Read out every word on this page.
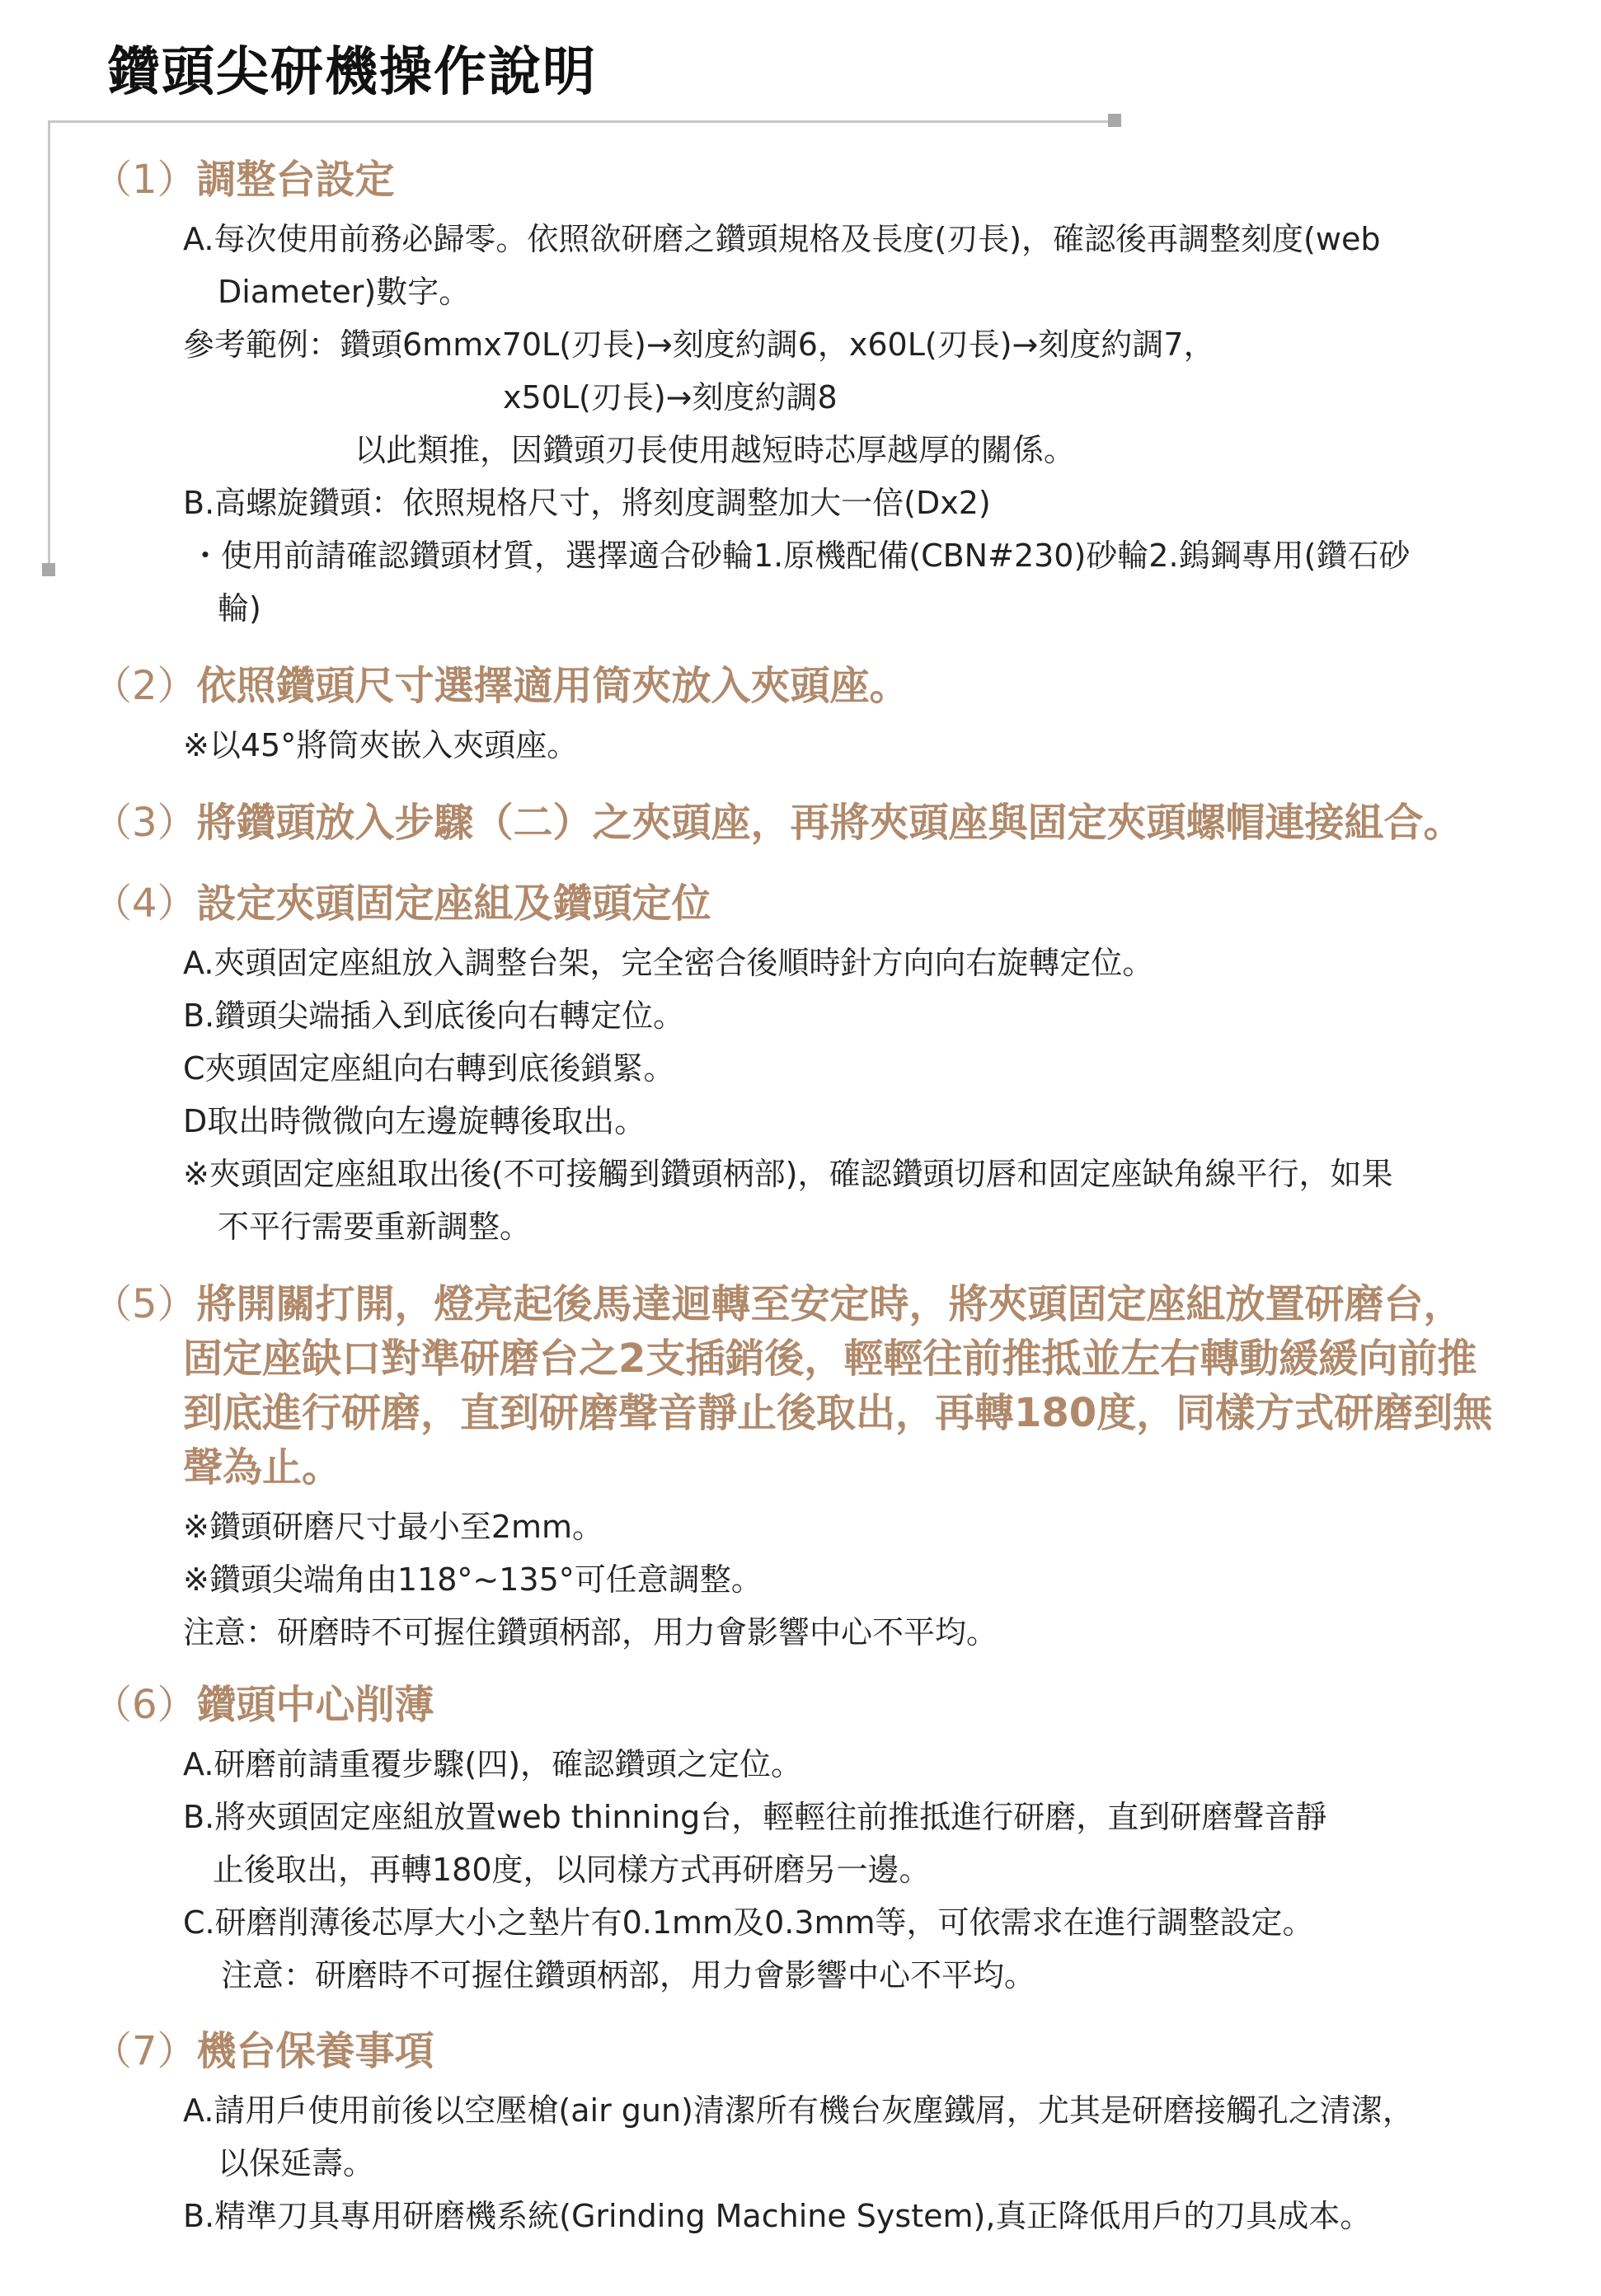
鑽頭尖研機操作說明
（1）調整台設定

A.每次使用前務必歸零。依照欲研磨之鑽頭規格及長度(刃長)，確認後再調整刻度(web

Diameter)數字。

參考範例：鑽頭6mmx70L(刃長)→刻度約調6，x60L(刃長)→刻度約調7，

x50L(刃長)→刻度約調8

以此類推，因鑽頭刃長使用越短時芯厚越厚的關係。

B.高螺旋鑽頭：依照規格尺寸，將刻度調整加大一倍(Dx2)

・使用前請確認鑽頭材質，選擇適合砂輪1.原機配備(CBN#230)砂輪2.鎢鋼專用(鑽石砂

輪)

（2）依照鑽頭尺寸選擇適用筒夾放入夾頭座。

※以45°將筒夾嵌入夾頭座。

（3）將鑽頭放入步驟（二）之夾頭座，再將夾頭座與固定夾頭螺帽連接組合。
（4）設定夾頭固定座組及鑽頭定位

A.夾頭固定座組放入調整台架，完全密合後順時針方向向右旋轉定位。

B.鑽頭尖端插入到底後向右轉定位。

C夾頭固定座組向右轉到底後鎖緊。

D取出時微微向左邊旋轉後取出。

※夾頭固定座組取出後(不可接觸到鑽頭柄部)，確認鑽頭切唇和固定座缺角線平行，如果

不平行需要重新調整。

（5）將開關打開，燈亮起後馬達迴轉至安定時，將夾頭固定座組放置研磨台，
固定座缺口對準研磨台之2支插銷後，輕輕往前推抵並左右轉動緩緩向前推
到底進行研磨，直到研磨聲音靜止後取出，再轉180度，同樣方式研磨到無
聲為止。

※鑽頭研磨尺寸最小至2mm。

※鑽頭尖端角由118°~135°可任意調整。

注意：研磨時不可握住鑽頭柄部，用力會影響中心不平均。

（6）鑽頭中心削薄

A.研磨前請重覆步驟(四)，確認鑽頭之定位。

B.將夾頭固定座組放置web thinning台，輕輕往前推抵進行研磨，直到研磨聲音靜

止後取出，再轉180度，以同樣方式再研磨另一邊。

C.研磨削薄後芯厚大小之墊片有0.1mm及0.3mm等，可依需求在進行調整設定。

注意：研磨時不可握住鑽頭柄部，用力會影響中心不平均。

（7）機台保養事項

A.請用戶使用前後以空壓槍(air gun)清潔所有機台灰塵鐵屑，尤其是研磨接觸孔之清潔，

以保延壽。

B.精準刀具專用研磨機系統(Grinding Machine System),真正降低用戶的刀具成本。
